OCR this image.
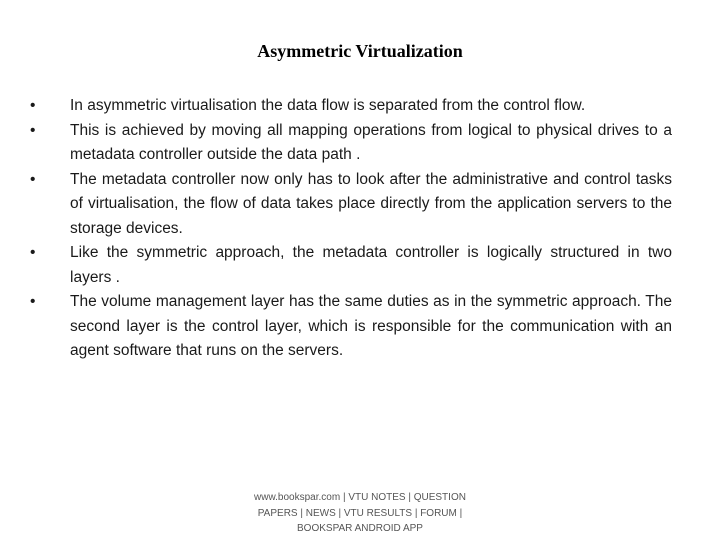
Asymmetric Virtualization
•	In asymmetric virtualisation the data flow is separated from the control flow.
•	This is achieved by moving all mapping operations from logical to physical drives to a metadata controller outside the data path .
•	The metadata controller now only has to look after the administrative and control tasks of virtualisation, the flow of data takes place directly from the application servers to the storage devices.
•	Like the symmetric approach, the metadata controller is logically structured in two layers .
•	The volume management layer has the same duties as in the symmetric approach. The second layer is the control layer, which is responsible for the communication with an agent software that runs on the servers.
www.bookspar.com | VTU NOTES | QUESTION PAPERS | NEWS | VTU RESULTS | FORUM | BOOKSPAR ANDROID APP
